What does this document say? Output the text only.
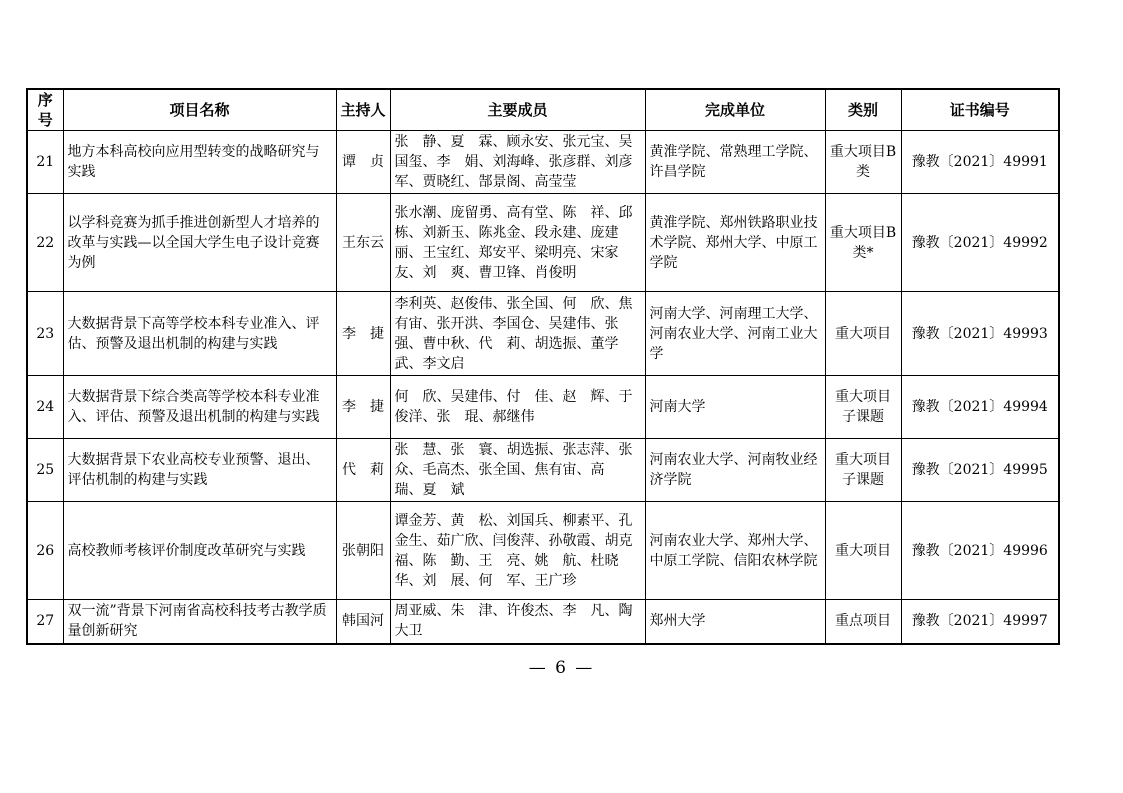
序号	项目名称	主持人	主要成员	完成单位	类别	证书编号
21	地方本科高校向应用型转变的战略研究与实践	谭　贞	张　静、夏　霖、顾永安、张元宝、吴国玺、李　娟、刘海峰、张彦群、刘彦军、贾晓红、郜景阁、高莹莹	黄淮学院、常熟理工学院、许昌学院	重大项目B类	豫教〔2021〕49991
22	以学科竞赛为抓手推进创新型人才培养的改革与实践—以全国大学生电子设计竞赛为例	王东云	张水潮、庞留勇、高有堂、陈　祥、邱　栋、刘新玉、陈兆金、段永建、庞建丽、王宝红、郑安平、梁明亮、宋家友、刘　爽、曹卫锋、肖俊明	黄淮学院、郑州铁路职业技术学院、郑州大学、中原工学院	重大项目B类*	豫教〔2021〕49992
23	大数据背景下高等学校本科专业准入、评估、预警及退出机制的构建与实践	李　捷	李利英、赵俊伟、张全国、何　欣、焦有宙、张开洪、李国仓、吴建伟、张　强、曹中秋、代　莉、胡选振、董学武、李文启	河南大学、河南理工大学、河南农业大学、河南工业大学	重大项目	豫教〔2021〕49993
24	大数据背景下综合类高等学校本科专业准入、评估、预警及退出机制的构建与实践	李　捷	何　欣、吴建伟、付　佳、赵　辉、于俊洋、张　琨、郝继伟	河南大学	重大项目子课题	豫教〔2021〕49994
25	大数据背景下农业高校专业预警、退出、评估机制的构建与实践	代　莉	张　慧、张　寰、胡选振、张志萍、张　众、毛高杰、张全国、焦有宙、高　瑞、夏　斌	河南农业大学、河南牧业经济学院	重大项目子课题	豫教〔2021〕49995
26	高校教师考核评价制度改革研究与实践	张朝阳	谭金芳、黄　松、刘国兵、柳素平、孔金生、茹广欣、闫俊萍、孙敬霞、胡克福、陈　勤、王　亮、姚　航、杜晓华、刘　展、何　军、王广珍	河南农业大学、郑州大学、中原工学院、信阳农林学院	重大项目	豫教〔2021〕49996
27	双一流”背景下河南省高校科技考古教学质量创新研究	韩国河	周亚威、朱　津、许俊杰、李　凡、陶大卫	郑州大学	重点项目	豫教〔2021〕49997
— 6 —
